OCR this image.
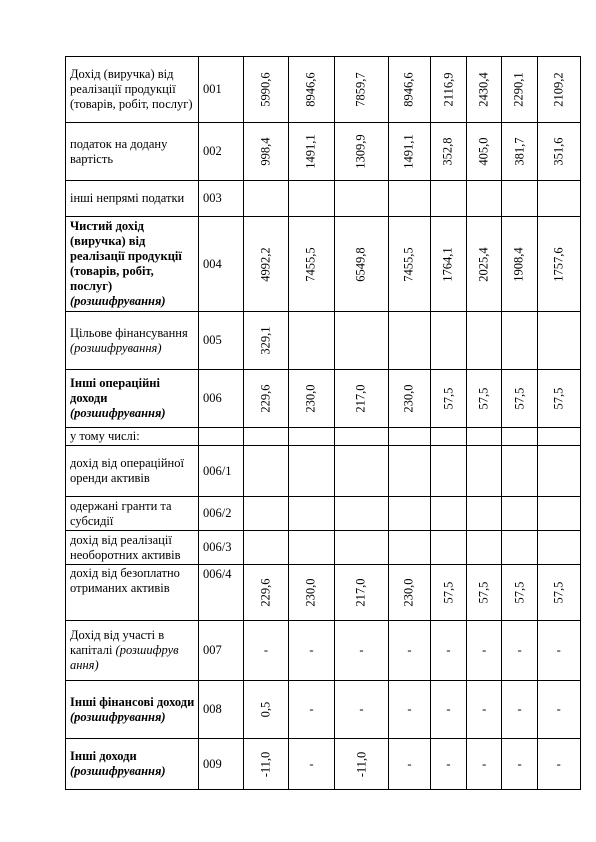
Дохід (виручка) від реалізації продукції (товарів, робіт, послуг)	001	5990,6	8946,6	7859,7	8946,6	2116,9	2430,4	2290,1	2109,2
податок на додану вартість	002	998,4	1491,1	1309,9	1491,1	352,8	405,0	381,7	351,6
інші непрямі податки	003								
Чистий дохід (виручка) від реалізації продукції (товарів, робіт, послуг) (розшифрування)	004	4992,2	7455,5	6549,8	7455,5	1764,1	2025,4	1908,4	1757,6
Цільове фінансування (розшифрування)	005	329,1							
Інші операційні доходи (розшифрування)	006	229,6	230,0	217,0	230,0	57,5	57,5	57,5	57,5
у тому числі:									
дохід від операційної оренди активів	006/1								
одержані гранти та субсидії	006/2								
дохід від реалізації необоротних активів	006/3								
дохід від безоплатно отриманих активів	006/4	229,6	230,0	217,0	230,0	57,5	57,5	57,5	57,5
Дохід від участі в капіталі (розшифрув ання)	007	-	-	-	-	-	-	-	-
Інші фінансові доходи (розшифрування)	008	0,5	-	-	-	-	-	-	-
Інші доходи (розшифрування)	009	-11,0	-	-11,0	-	-	-	-	-
